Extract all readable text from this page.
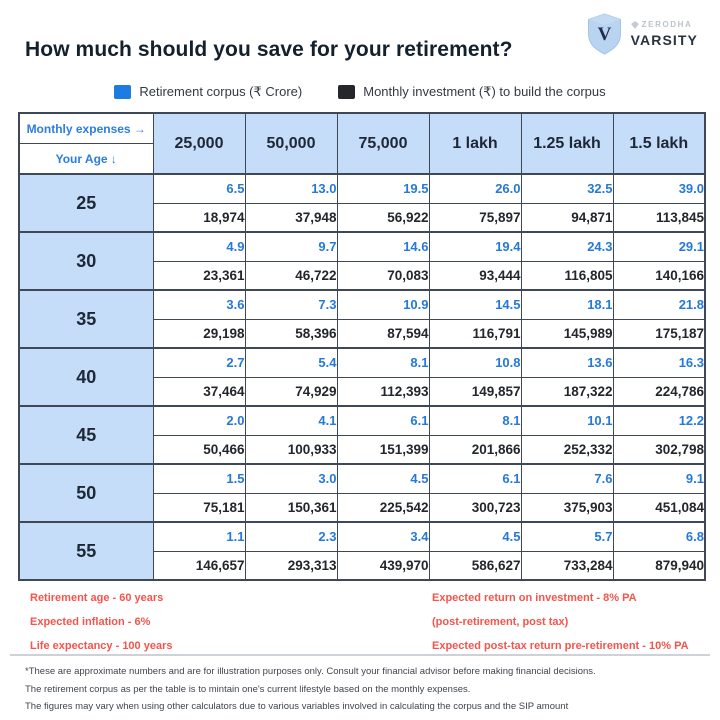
How much should you save for your retirement?
V	ZERODHA
VARSITY
Retirement corpus (₹ Crore)	Monthly investment (₹) to build the corpus
Monthly expenses →
Your Age ↓	25,000	50,000	75,000	1 lakh	1.25 lakh	1.5 lakh
25	6.5	13.0	19.5	26.0	32.5	39.0
	18,974	37,948	56,922	75,897	94,871	113,845
30	4.9	9.7	14.6	19.4	24.3	29.1
	23,361	46,722	70,083	93,444	116,805	140,166
35	3.6	7.3	10.9	14.5	18.1	21.8
	29,198	58,396	87,594	116,791	145,989	175,187
40	2.7	5.4	8.1	10.8	13.6	16.3
	37,464	74,929	112,393	149,857	187,322	224,786
45	2.0	4.1	6.1	8.1	10.1	12.2
	50,466	100,933	151,399	201,866	252,332	302,798
50	1.5	3.0	4.5	6.1	7.6	9.1
	75,181	150,361	225,542	300,723	375,903	451,084
55	1.1	2.3	3.4	4.5	5.7	6.8
	146,657	293,313	439,970	586,627	733,284	879,940
Retirement age - 60 years
Expected inflation - 6%
Life expectancy - 100 years
Expected return on investment - 8% PA
(post-retirement, post tax)
Expected post-tax return pre-retirement - 10% PA
*These are approximate numbers and are for illustration purposes only. Consult your financial advisor before making financial decisions.
The retirement corpus as per the table is to mintain one's current lifestyle based on the monthly expenses.
The figures may vary when using other calculators due to various variables involved in calculating the corpus and the SIP amount
